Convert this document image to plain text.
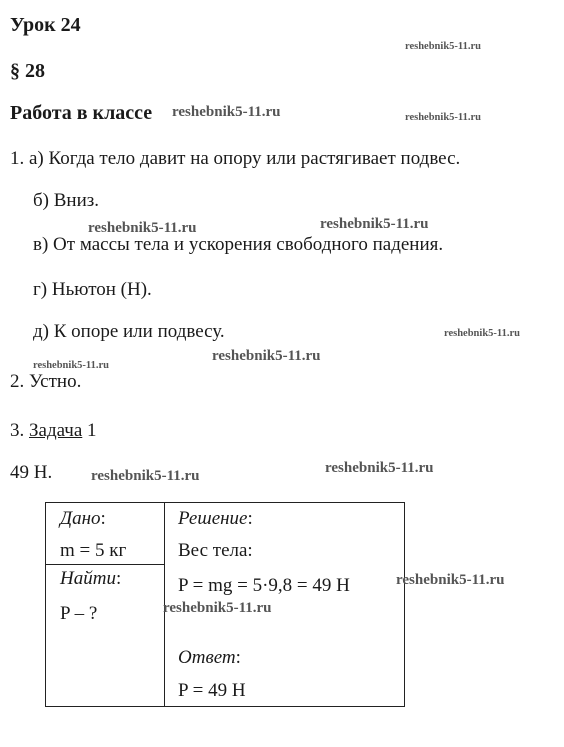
Урок 24
§ 28
Работа в классе
1. а) Когда тело давит на опору или растягивает подвес.
б) Вниз.
в) От массы тела и ускорения свободного падения.
г) Ньютон (Н).
д) К опоре или подвесу.
2. Устно.
3. Задача 1
49 Н.
Дано:
m = 5 кг
Найти:
P – ?
Решение:
Вес тела:
P = mg = 5·9,8 = 49 Н
Ответ:
P = 49 Н
reshebnik5-11.ru
reshebnik5-11.ru
reshebnik5-11.ru
reshebnik5-11.ru	reshebnik5-11.ru
reshebnik5-11.ru
reshebnik5-11.ru
reshebnik5-11.ru
reshebnik5-11.ru	reshebnik5-11.ru
reshebnik5-11.ru
reshebnik5-11.ru
